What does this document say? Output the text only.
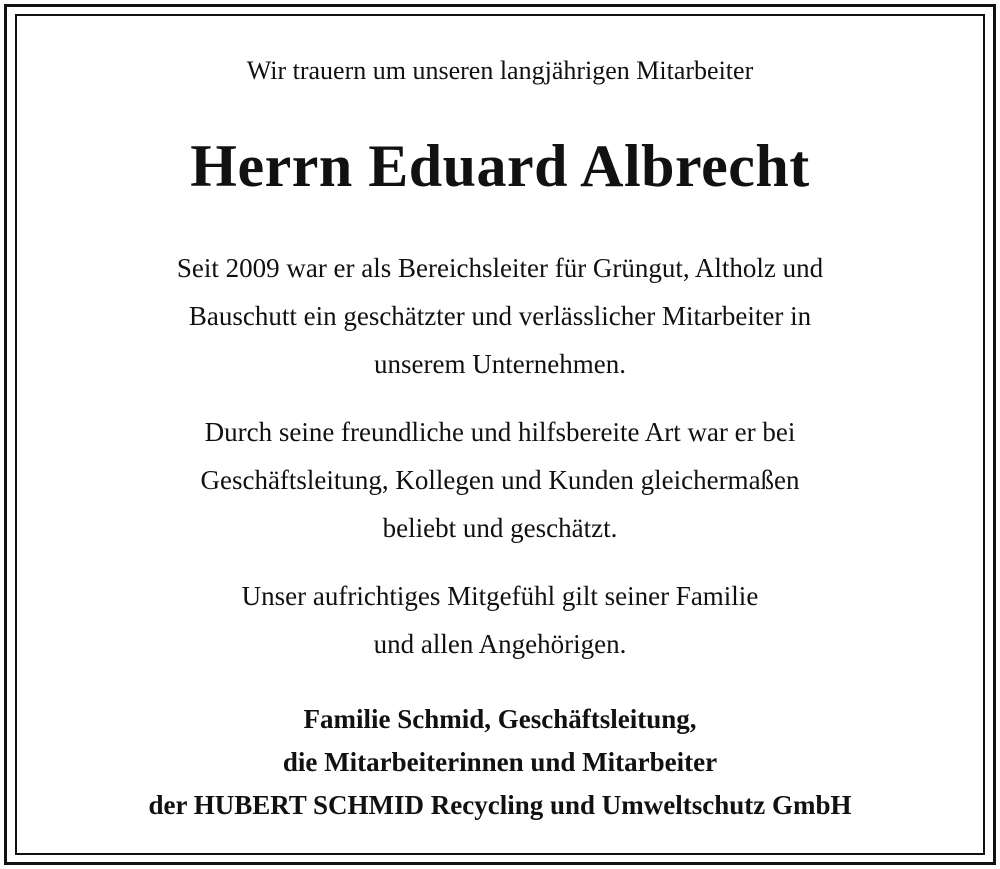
Wir trauern um unseren langjährigen Mitarbeiter
Herrn Eduard Albrecht
Seit 2009 war er als Bereichsleiter für Grüngut, Altholz und
Bauschutt ein geschätzter und verlässlicher Mitarbeiter in
unserem Unternehmen.
Durch seine freundliche und hilfsbereite Art war er bei
Geschäftsleitung, Kollegen und Kunden gleichermaßen
beliebt und geschätzt.
Unser aufrichtiges Mitgefühl gilt seiner Familie
und allen Angehörigen.
Familie Schmid, Geschäftsleitung,
die Mitarbeiterinnen und Mitarbeiter
der HUBERT SCHMID Recycling und Umweltschutz GmbH
